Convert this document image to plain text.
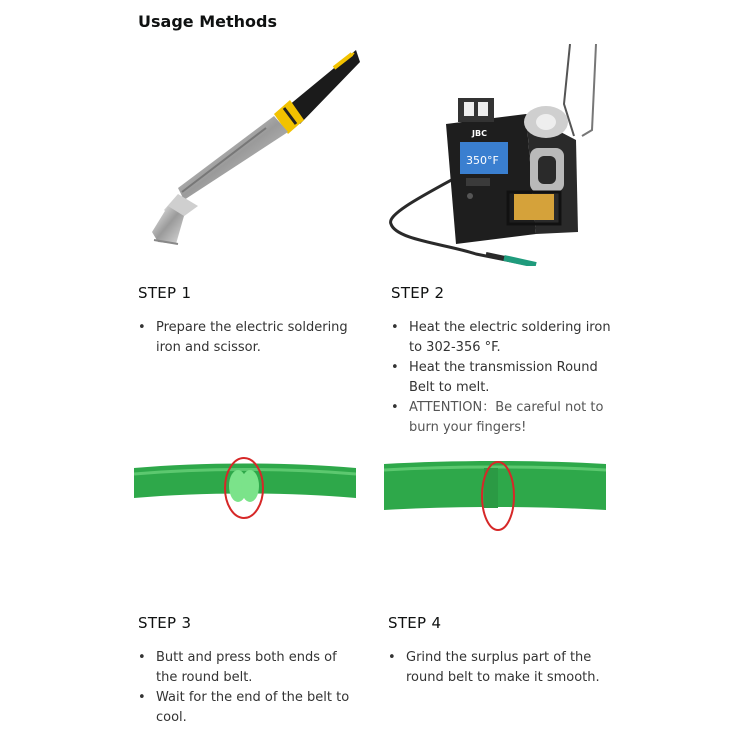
Usage Methods
350°F
JBC
STEP 1
• Prepare the electric soldering iron and scissor.
STEP 2
• Heat the electric soldering iron to 302-356 °F.
• Heat the transmission Round Belt to melt.
• ATTENTION：Be careful not to burn your fingers!
STEP 3
• Butt and press both ends of the round belt.
• Wait for the end of the belt to cool.
STEP 4
• Grind the surplus part of the round belt to make it smooth.
